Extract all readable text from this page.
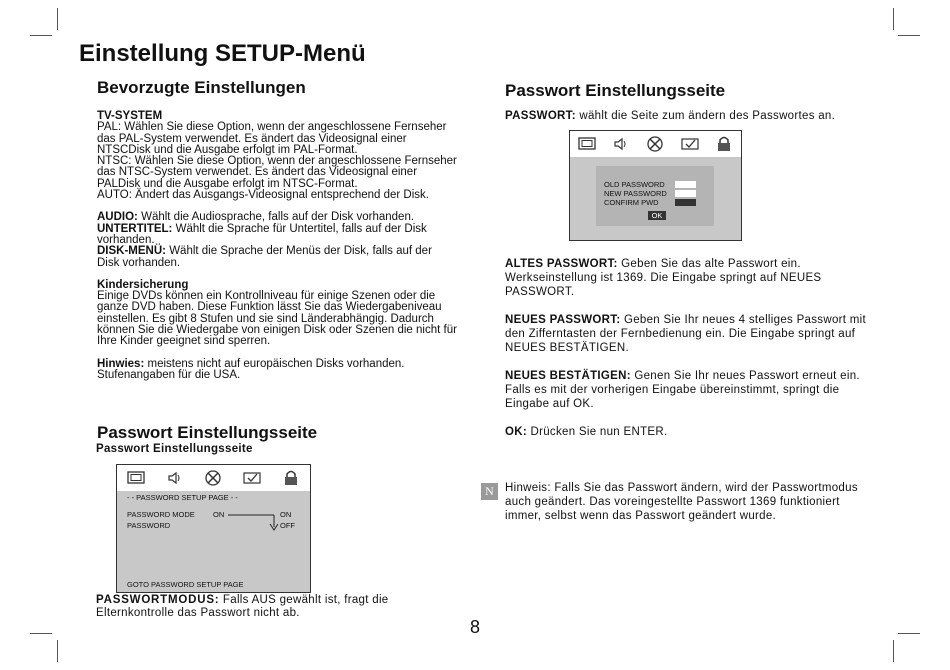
Einstellung SETUP-Menü
Bevorzugte Einstellungen

TV-SYSTEM
PAL: Wählen Sie diese Option, wenn der angeschlossene Fernseher das PAL-System verwendet. Es ändert das Videosignal einer NTSCDisk und die Ausgabe erfolgt im PAL-Format.
NTSC: Wählen Sie diese Option, wenn der angeschlossene Fernseher das NTSC-System verwendet. Es ändert das Videosignal einer PALDisk und die Ausgabe erfolgt im NTSC-Format.
AUTO: Ändert das Ausgangs-Videosignal entsprechend der Disk.

AUDIO: Wählt die Audiosprache, falls auf der Disk vorhanden.
UNTERTITEL: Wählt die Sprache für Untertitel, falls auf der Disk vorhanden.
DISK-MENÜ: Wählt die Sprache der Menüs der Disk, falls auf der Disk vorhanden.

Kindersicherung
Einige DVDs können ein Kontrollniveau für einige Szenen oder die ganze DVD haben. Diese Funktion lässt Sie das Wiedergabeniveau einstellen. Es gibt 8 Stufen und sie sind Länderabhängig. Dadurch können Sie die Wiedergabe von einigen Disk oder Szenen die nicht für Ihre Kinder geeignet sind sperren.

Hinwies: meistens nicht auf europäischen Disks vorhanden. Stufenangaben für die USA.

Passwort Einstellungsseite
Passwort Einstellungsseite
- - PASSWORD SETUP PAGE - -
PASSWORD MODE ON	ON
PASSWORD	OFF
GOTO PASSWORD SETUP PAGE
PASSWORTMODUS: Falls AUS gewählt ist, fragt die Elternkontrolle das Passwort nicht ab.
Passwort Einstellungsseite
PASSWORT: wählt die Seite zum ändern des Passwortes an.
OLD PASSWORD
NEW PASSWORD
CONFIRM PWD
OK

ALTES PASSWORT: Geben Sie das alte Passwort ein. Werkseinstellung ist 1369. Die Eingabe springt auf NEUES PASSWORT.

NEUES PASSWORT: Geben Sie Ihr neues 4 stelliges Passwort mit den Zifferntasten der Fernbedienung ein. Die Eingabe springt auf NEUES BESTÄTIGEN.

NEUES BESTÄTIGEN: Genen Sie Ihr neues Passwort erneut ein. Falls es mit der vorherigen Eingabe übereinstimmt, springt die Eingabe auf OK.

OK: Drücken Sie nun ENTER.

N Hinweis: Falls Sie das Passwort ändern, wird der Passwortmodus auch geändert. Das voreingestellte Passwort 1369 funktioniert immer, selbst wenn das Passwort geändert wurde.
8
